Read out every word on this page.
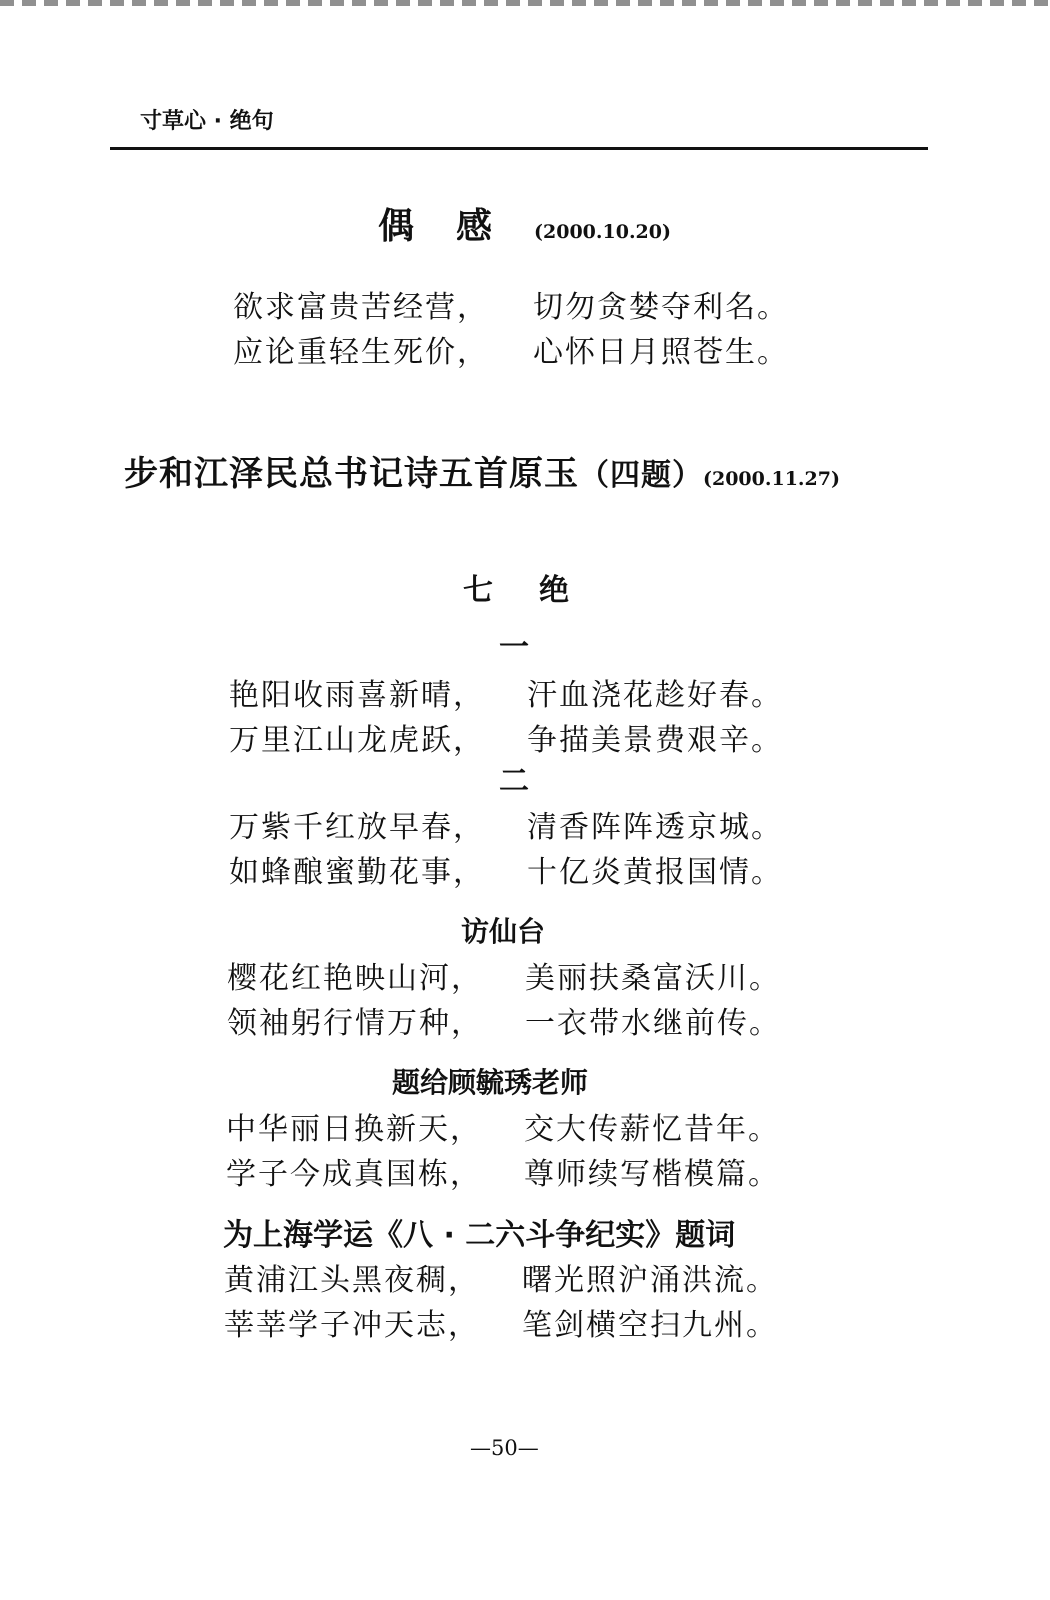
寸草心 · 绝句
偶感(2000.10.20)
欲求富贵苦经营， 切勿贪婪夺利名。
应论重轻生死价， 心怀日月照苍生。
步和江泽民总书记诗五首原玉（四题）(2000.11.27)
七绝
一
艳阳收雨喜新晴， 汗血浇花趁好春。
万里江山龙虎跃， 争描美景费艰辛。
二
万紫千红放早春， 清香阵阵透京城。
如蜂酿蜜勤花事， 十亿炎黄报国情。
访仙台
樱花红艳映山河， 美丽扶桑富沃川。
领袖躬行情万种， 一衣带水继前传。
题给顾毓琇老师
中华丽日换新天， 交大传薪忆昔年。
学子今成真国栋， 尊师续写楷模篇。
为上海学运《八 · 二六斗争纪实》题词
黄浦江头黑夜稠， 曙光照沪涌洪流。
莘莘学子冲天志， 笔剑横空扫九州。
—50—
